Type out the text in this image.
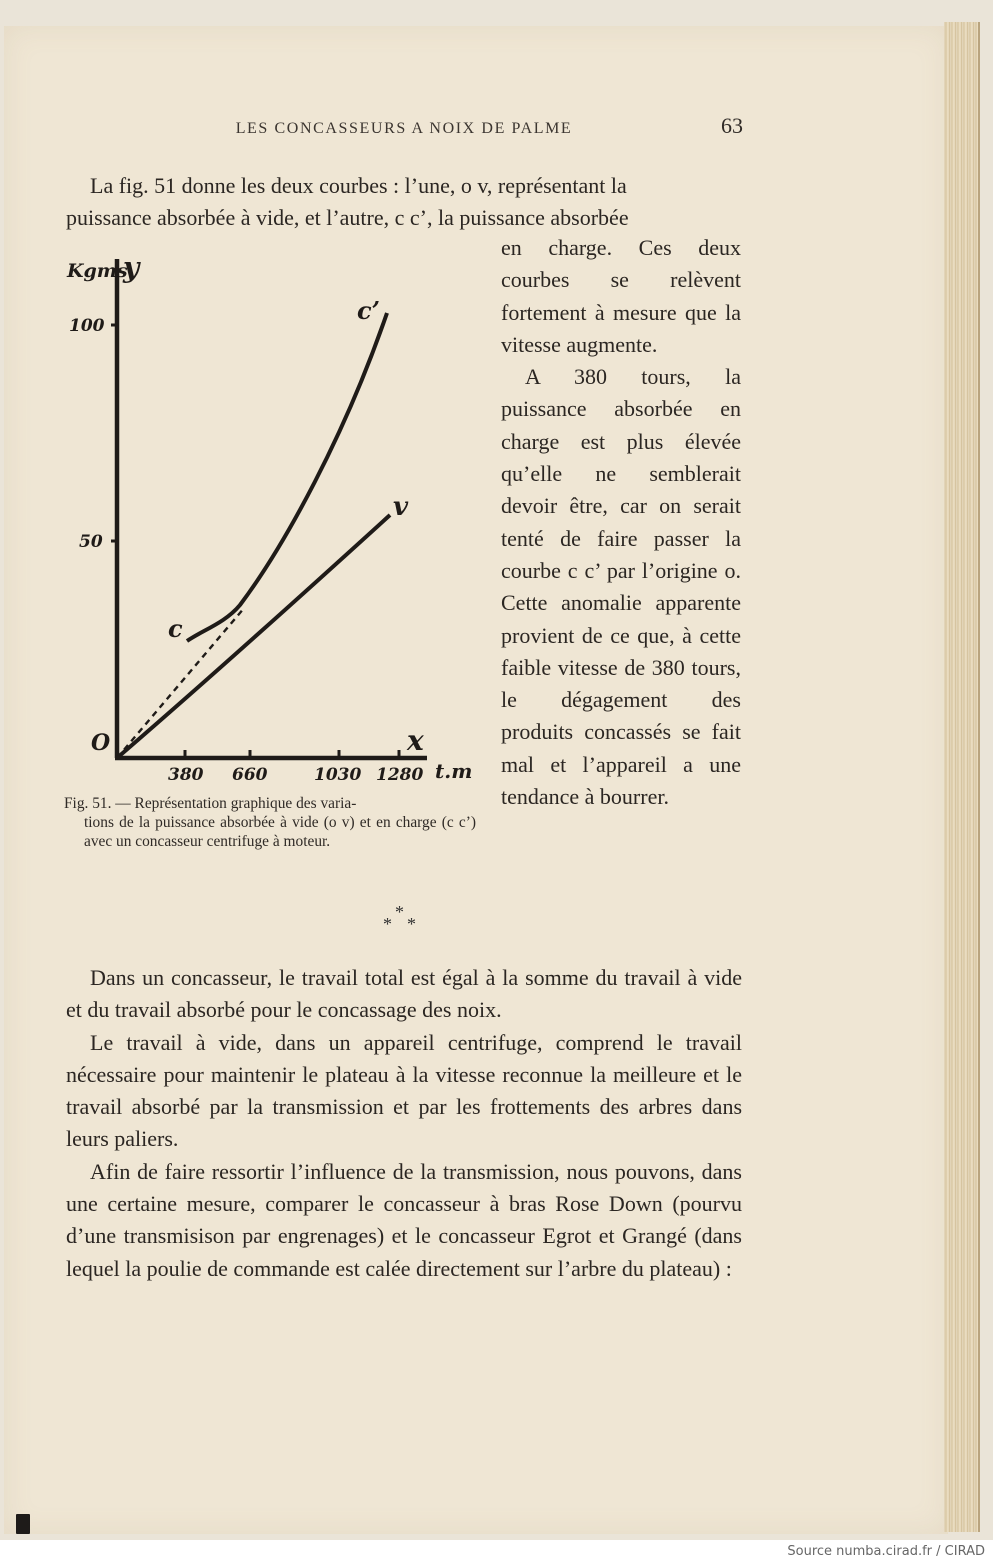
LES CONCASSEURS A NOIX DE PALME	63

La fig. 51 donne les deux courbes : l’une, o v, représentant la
puissance absorbée à vide, et l’autre, c c’, la puissance absorbée

en charge. Ces deux courbes se relèvent fortement à mesure que la vitesse augmente.
A 380 tours, la puissance absorbée en charge est plus élevée qu’elle ne semblerait devoir être, car on serait tenté de faire passer la courbe c c’ par l’origine o. Cette anomalie apparente provient de ce que, à cette faible vitesse de 380 tours, le dégagement des produits concassés se fait mal et l’appareil a une tendance à bourrer.

Kgms
y
100
50
O	x
380 660	1030 1280 t.m
c
c’
v

Fig. 51. — Représentation graphique des varia-
tions de la puissance absorbée à vide (o v) et en charge (c c’) avec un concasseur centrifuge à moteur.

*
* *

Dans un concasseur, le travail total est égal à la somme du travail à vide et du travail absorbé pour le concassage des noix.
Le travail à vide, dans un appareil centrifuge, comprend le travail nécessaire pour maintenir le plateau à la vitesse reconnue la meilleure et le travail absorbé par la transmission et par les frottements des arbres dans leurs paliers.
Afin de faire ressortir l’influence de la transmission, nous pouvons, dans une certaine mesure, comparer le concasseur à bras Rose Down (pourvu d’une transmisison par engrenages) et le concasseur Egrot et Grangé (dans lequel la poulie de commande est calée directement sur l’arbre du plateau) :

Source numba.cirad.fr / CIRAD
